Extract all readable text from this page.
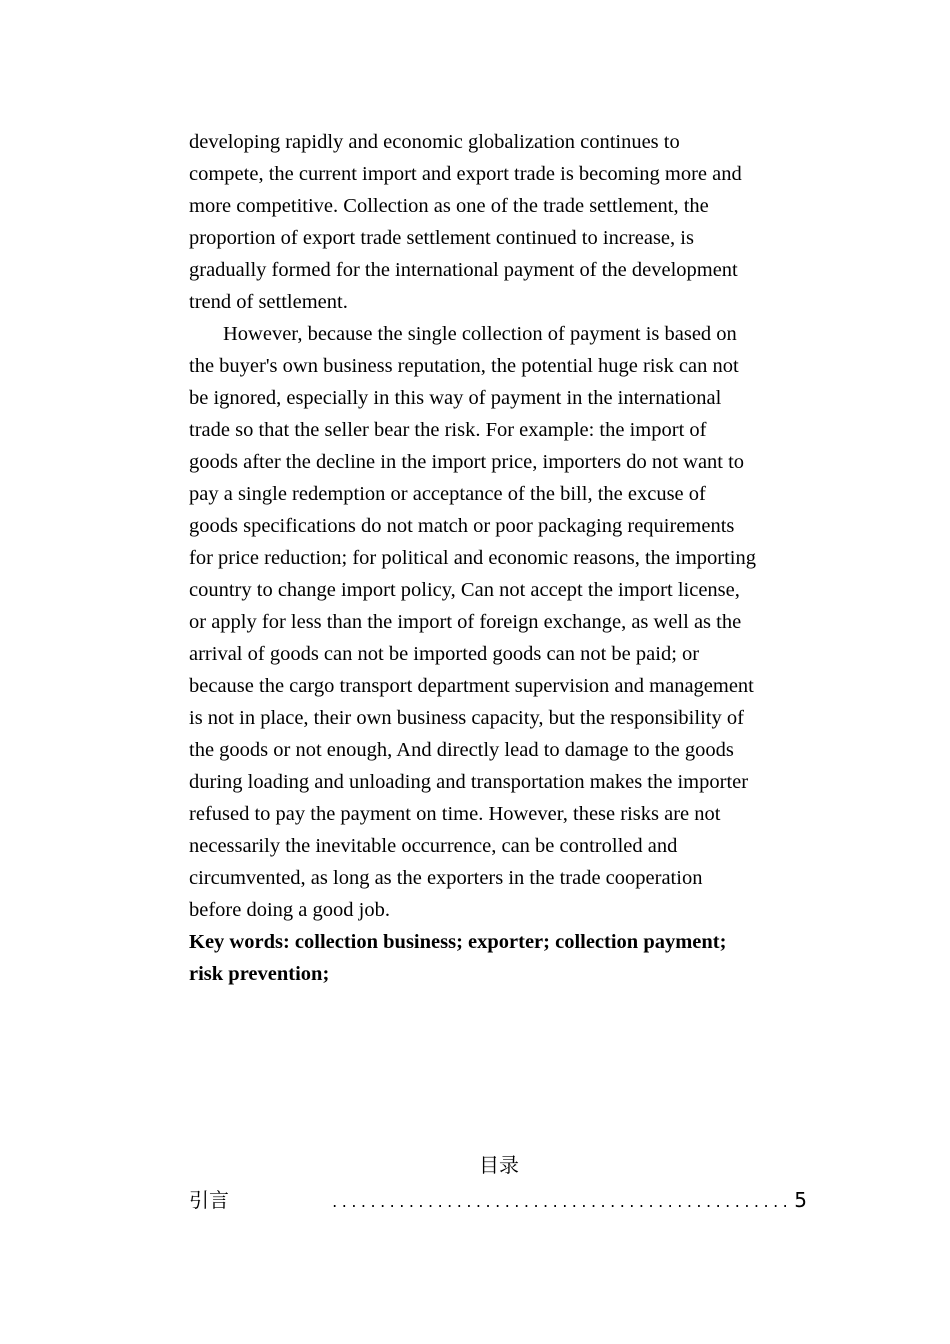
developing rapidly and economic globalization continues to
compete, the current import and export trade is becoming more and
more competitive. Collection as one of the trade settlement, the
proportion of export trade settlement continued to increase, is
gradually formed for the international payment of the development
trend of settlement.
However, because the single collection of payment is based on
the buyer's own business reputation, the potential huge risk can not
be ignored, especially in this way of payment in the international
trade so that the seller bear the risk. For example: the import of
goods after the decline in the import price, importers do not want to
pay a single redemption or acceptance of the bill, the excuse of
goods specifications do not match or poor packaging requirements
for price reduction; for political and economic reasons, the importing
country to change import policy, Can not accept the import license,
or apply for less than the import of foreign exchange, as well as the
arrival of goods can not be imported goods can not be paid; or
because the cargo transport department supervision and management
is not in place, their own business capacity, but the responsibility of
the goods or not enough, And directly lead to damage to the goods
during loading and unloading and transportation makes the importer
refused to pay the payment on time. However, these risks are not
necessarily the inevitable occurrence, can be controlled and
circumvented, as long as the exporters in the trade cooperation
before doing a good job.
Key words: collection business; exporter; collection payment;
risk prevention;
目录
引言	................................................ 5
